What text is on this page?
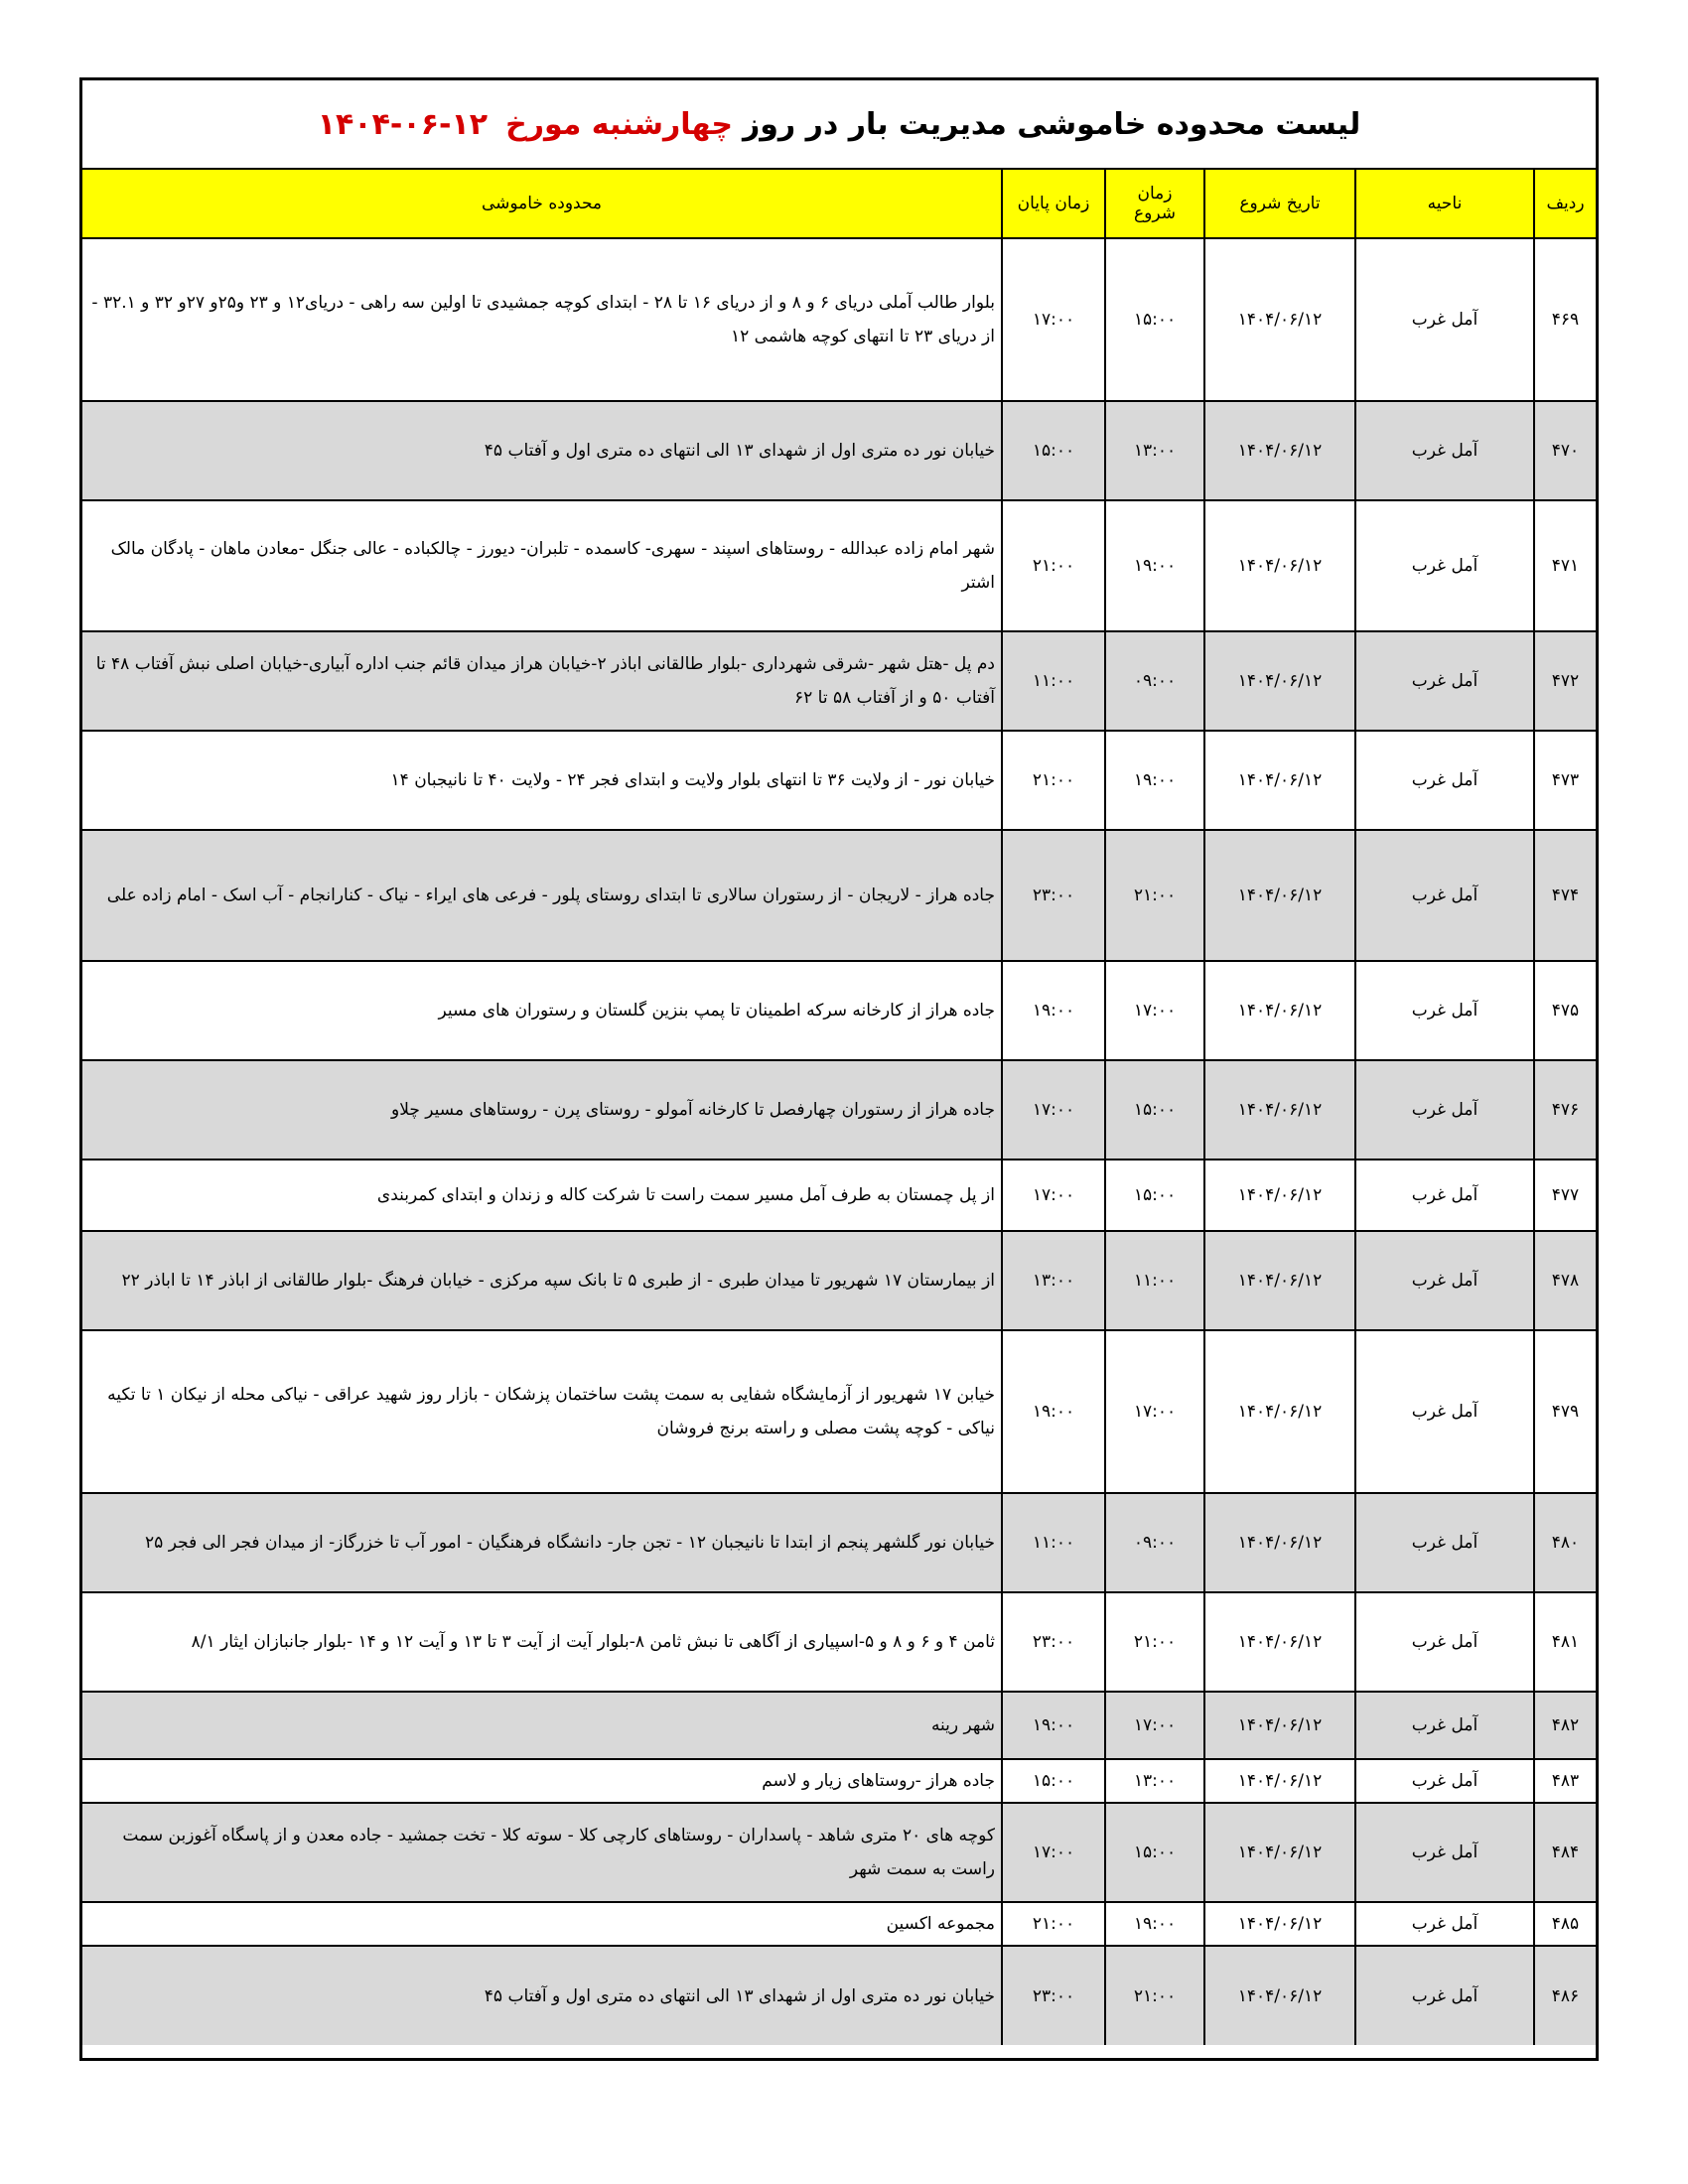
لیست محدوده خاموشی مدیریت بار در روز
چهارشنبه مورخ
۱۴۰۴-۰۶-۱۲
ردیف	ناحیه	تاریخ شروع	زمان شروع	زمان پایان	محدوده خاموشی
۴۶۹	آمل غرب	۱۴۰۴/۰۶/۱۲	۱۵:۰۰	۱۷:۰۰	بلوار طالب آملی دریای ۶ و ۸ و از دریای ۱۶ تا ۲۸ - ابتدای کوچه جمشیدی تا اولین سه راهی - دریای۱۲ و ۲۳ و۲۵و ۲۷و ۳۲ و ۳۲.۱ - از دریای ۲۳ تا انتهای کوچه هاشمی ۱۲
۴۷۰	آمل غرب	۱۴۰۴/۰۶/۱۲	۱۳:۰۰	۱۵:۰۰	خیابان نور ده متری اول از شهدای ۱۳ الی انتهای ده متری اول و آفتاب ۴۵
۴۷۱	آمل غرب	۱۴۰۴/۰۶/۱۲	۱۹:۰۰	۲۱:۰۰	شهر امام زاده عبدالله - روستاهای اسپند - سهری- کاسمده - تلبران- دیورز - چالکباده - عالی جنگل -معادن ماهان - پادگان مالک اشتر
۴۷۲	آمل غرب	۱۴۰۴/۰۶/۱۲	۰۹:۰۰	۱۱:۰۰	دم پل -هتل شهر -شرقی شهرداری -بلوار طالقانی اباذر ۲-خیابان هراز میدان قائم جنب اداره آبیاری-خیابان اصلی نبش آفتاب ۴۸ تا آفتاب ۵۰ و از آفتاب ۵۸ تا ۶۲
۴۷۳	آمل غرب	۱۴۰۴/۰۶/۱۲	۱۹:۰۰	۲۱:۰۰	خیابان نور - از ولایت ۳۶ تا انتهای بلوار ولایت و ابتدای فجر ۲۴ - ولایت ۴۰ تا نانیجبان ۱۴
۴۷۴	آمل غرب	۱۴۰۴/۰۶/۱۲	۲۱:۰۰	۲۳:۰۰	جاده هراز - لاریجان - از رستوران سالاری تا ابتدای روستای پلور - فرعی های ایراء - نیاک - کنارانجام - آب اسک - امام زاده علی
۴۷۵	آمل غرب	۱۴۰۴/۰۶/۱۲	۱۷:۰۰	۱۹:۰۰	جاده هراز از کارخانه سرکه اطمینان تا پمپ بنزین گلستان و رستوران های مسیر
۴۷۶	آمل غرب	۱۴۰۴/۰۶/۱۲	۱۵:۰۰	۱۷:۰۰	جاده هراز از رستوران چهارفصل تا کارخانه آمولو - روستای پرن - روستاهای مسیر چلاو
۴۷۷	آمل غرب	۱۴۰۴/۰۶/۱۲	۱۵:۰۰	۱۷:۰۰	از پل چمستان به طرف آمل مسیر سمت راست تا شرکت کاله و زندان و ابتدای کمربندی
۴۷۸	آمل غرب	۱۴۰۴/۰۶/۱۲	۱۱:۰۰	۱۳:۰۰	از بیمارستان ۱۷ شهریور تا میدان طبری - از طبری ۵ تا بانک سپه مرکزی - خیابان فرهنگ -بلوار طالقانی از اباذر ۱۴ تا اباذر ۲۲
۴۷۹	آمل غرب	۱۴۰۴/۰۶/۱۲	۱۷:۰۰	۱۹:۰۰	خیابن ۱۷ شهریور از آزمایشگاه شفایی به سمت پشت ساختمان پزشکان - بازار روز شهید عراقی - نیاکی محله از نیکان ۱ تا تکیه نیاکی - کوچه پشت مصلی و راسته برنج فروشان
۴۸۰	آمل غرب	۱۴۰۴/۰۶/۱۲	۰۹:۰۰	۱۱:۰۰	خیابان نور گلشهر پنجم از ابتدا تا نانیجبان ۱۲ - تجن جار- دانشگاه فرهنگیان - امور آب تا خزرگاز- از میدان فجر الی فجر ۲۵
۴۸۱	آمل غرب	۱۴۰۴/۰۶/۱۲	۲۱:۰۰	۲۳:۰۰	ثامن ۴ و ۶ و ۸ و ۵-اسپیاری از آگاهی تا نبش ثامن ۸-بلوار آیت از آیت ۳ تا ۱۳ و آیت ۱۲ و ۱۴ -بلوار جانبازان ایثار ۸/۱
۴۸۲	آمل غرب	۱۴۰۴/۰۶/۱۲	۱۷:۰۰	۱۹:۰۰	شهر رینه
۴۸۳	آمل غرب	۱۴۰۴/۰۶/۱۲	۱۳:۰۰	۱۵:۰۰	جاده هراز -روستاهای زیار و لاسم
۴۸۴	آمل غرب	۱۴۰۴/۰۶/۱۲	۱۵:۰۰	۱۷:۰۰	کوچه های ۲۰ متری شاهد - پاسداران - روستاهای کارچی کلا - سوته کلا - تخت جمشید - جاده معدن و از پاسگاه آغوزبن سمت راست به سمت شهر
۴۸۵	آمل غرب	۱۴۰۴/۰۶/۱۲	۱۹:۰۰	۲۱:۰۰	مجموعه اکسین
۴۸۶	آمل غرب	۱۴۰۴/۰۶/۱۲	۲۱:۰۰	۲۳:۰۰	خیابان نور ده متری اول از شهدای ۱۳ الی انتهای ده متری اول و آفتاب ۴۵
